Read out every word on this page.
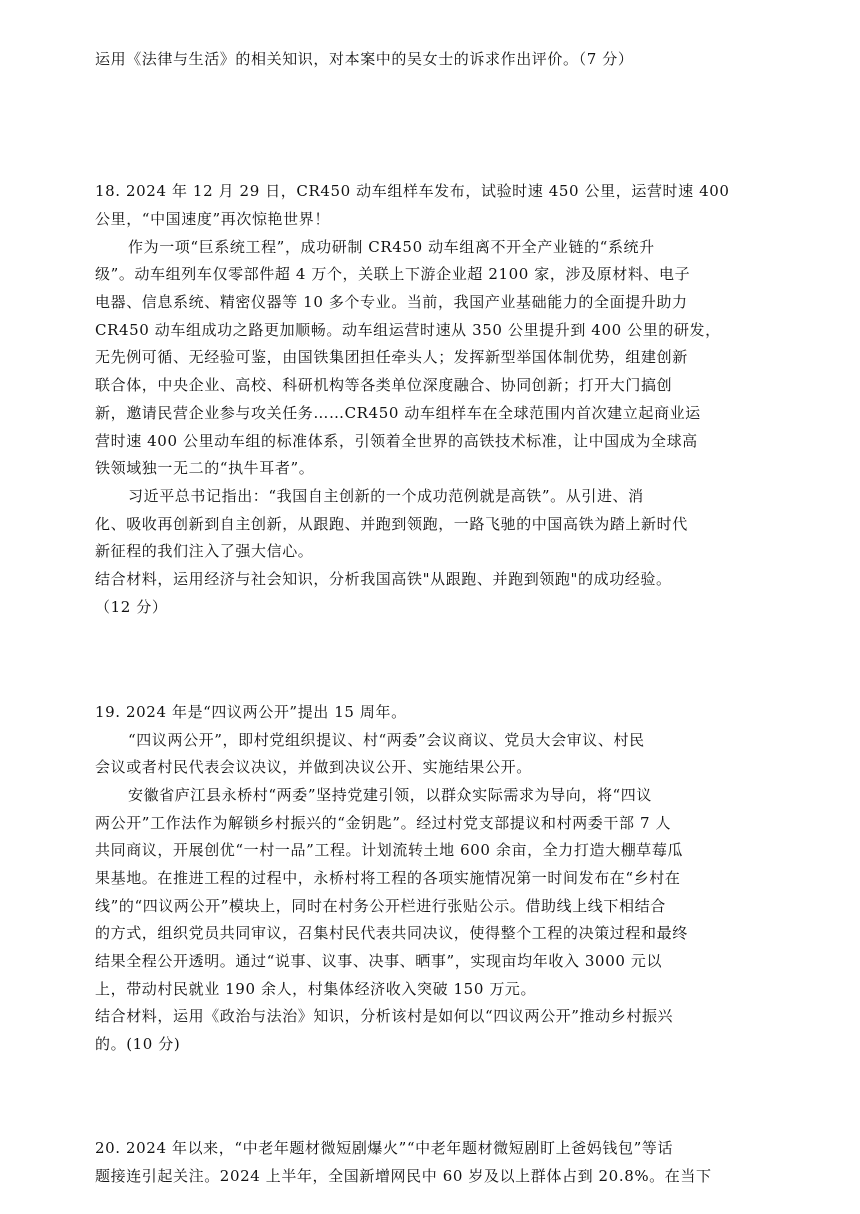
运用《法律与生活》的相关知识，对本案中的吴女士的诉求作出评价。（7 分）
18. 2024 年 12 月 29 日，CR450 动车组样车发布，试验时速 450 公里，运营时速 400
公里，“中国速度”再次惊艳世界！
作为一项“巨系统工程”，成功研制 CR450 动车组离不开全产业链的“系统升
级”。动车组列车仅零部件超 4 万个，关联上下游企业超 2100 家，涉及原材料、电子
电器、信息系统、精密仪器等 10 多个专业。当前，我国产业基础能力的全面提升助力
CR450 动车组成功之路更加顺畅。动车组运营时速从 350 公里提升到 400 公里的研发，
无先例可循、无经验可鉴，由国铁集团担任牵头人；发挥新型举国体制优势，组建创新
联合体，中央企业、高校、科研机构等各类单位深度融合、协同创新；打开大门搞创
新，邀请民营企业参与攻关任务……CR450 动车组样车在全球范围内首次建立起商业运
营时速 400 公里动车组的标准体系，引领着全世界的高铁技术标准，让中国成为全球高
铁领域独一无二的“执牛耳者”。
习近平总书记指出：“我国自主创新的一个成功范例就是高铁”。从引进、消
化、吸收再创新到自主创新，从跟跑、并跑到领跑，一路飞驰的中国高铁为踏上新时代
新征程的我们注入了强大信心。
结合材料，运用经济与社会知识，分析我国高铁"从跟跑、并跑到领跑"的成功经验。
（12 分）
19. 2024 年是“四议两公开”提出 15 周年。
“四议两公开”，即村党组织提议、村“两委”会议商议、党员大会审议、村民
会议或者村民代表会议决议，并做到决议公开、实施结果公开。
安徽省庐江县永桥村“两委”坚持党建引领，以群众实际需求为导向，将“四议
两公开”工作法作为解锁乡村振兴的“金钥匙”。经过村党支部提议和村两委干部 7 人
共同商议，开展创优“一村一品”工程。计划流转土地 600 余亩，全力打造大棚草莓瓜
果基地。在推进工程的过程中，永桥村将工程的各项实施情况第一时间发布在“乡村在
线”的“四议两公开”模块上，同时在村务公开栏进行张贴公示。借助线上线下相结合
的方式，组织党员共同审议，召集村民代表共同决议，使得整个工程的决策过程和最终
结果全程公开透明。通过“说事、议事、决事、晒事”，实现亩均年收入 3000 元以
上，带动村民就业 190 余人，村集体经济收入突破 150 万元。
结合材料，运用《政治与法治》知识，分析该村是如何以“四议两公开”推动乡村振兴
的。(10 分)
20. 2024 年以来，“中老年题材微短剧爆火”“中老年题材微短剧盯上爸妈钱包”等话
题接连引起关注。2024 上半年，全国新增网民中 60 岁及以上群体占到 20.8%。在当下
